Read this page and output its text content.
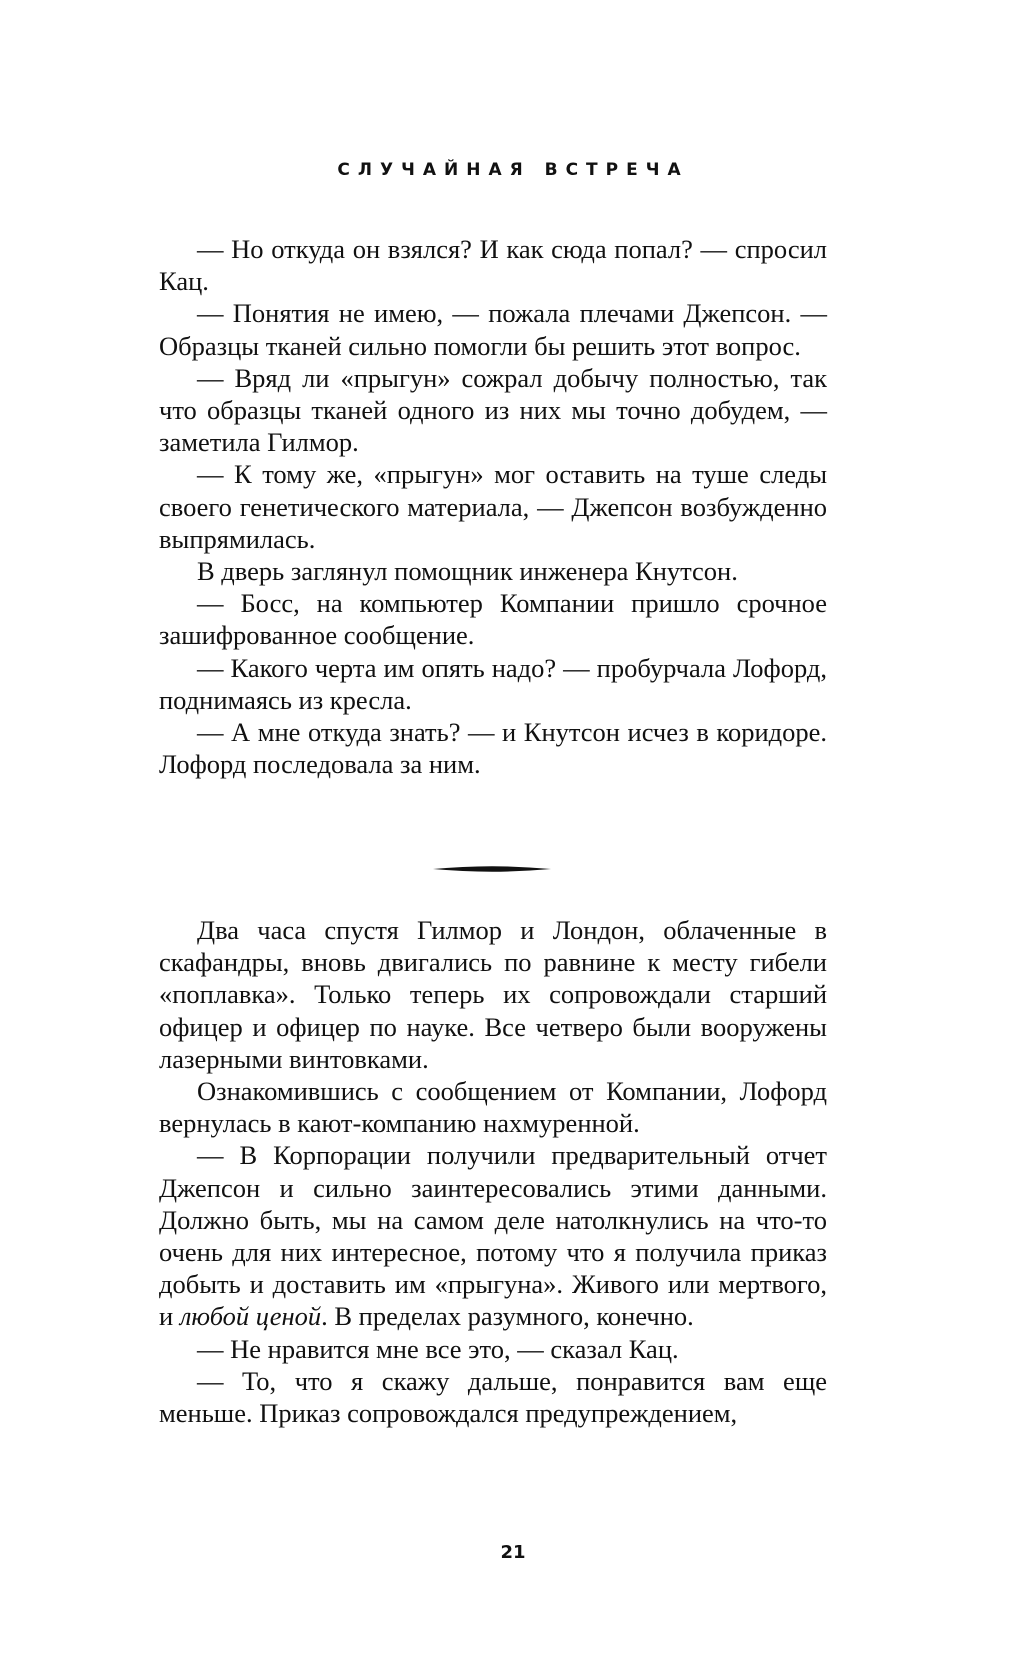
СЛУЧАЙНАЯ ВСТРЕЧА

— Но откуда он взялся? И как сюда попал? — спросил Кац.

— Понятия не имею, — пожала плечами Джепсон. — Образцы тканей сильно помогли бы решить этот вопрос.

— Вряд ли «прыгун» сожрал добычу полностью, так что образцы тканей одного из них мы точно добудем, — заметила Гилмор.

— К тому же, «прыгун» мог оставить на туше следы своего генетического материала, — Джепсон возбужденно выпрямилась.

В дверь заглянул помощник инженера Кнутсон.

— Босс, на компьютер Компании пришло срочное зашифрованное сообщение.

— Какого черта им опять надо? — пробурчала Лофорд, поднимаясь из кресла.

— А мне откуда знать? — и Кнутсон исчез в коридоре. Лофорд последовала за ним.

Два часа спустя Гилмор и Лондон, облаченные в скафандры, вновь двигались по равнине к месту гибели «поплавка». Только теперь их сопровождали старший офицер и офицер по науке. Все четверо были вооружены лазерными винтовками.

Ознакомившись с сообщением от Компании, Лофорд вернулась в кают-компанию нахмуренной.

— В Корпорации получили предварительный отчет Джепсон и сильно заинтересовались этими данными. Должно быть, мы на самом деле натолкнулись на что-то очень для них интересное, потому что я получила приказ добыть и доставить им «прыгуна». Живого или мертвого, и любой ценой. В пределах разумного, конечно.

— Не нравится мне все это, — сказал Кац.

— То, что я скажу дальше, понравится вам еще меньше. Приказ сопровождался предупреждением,

21
